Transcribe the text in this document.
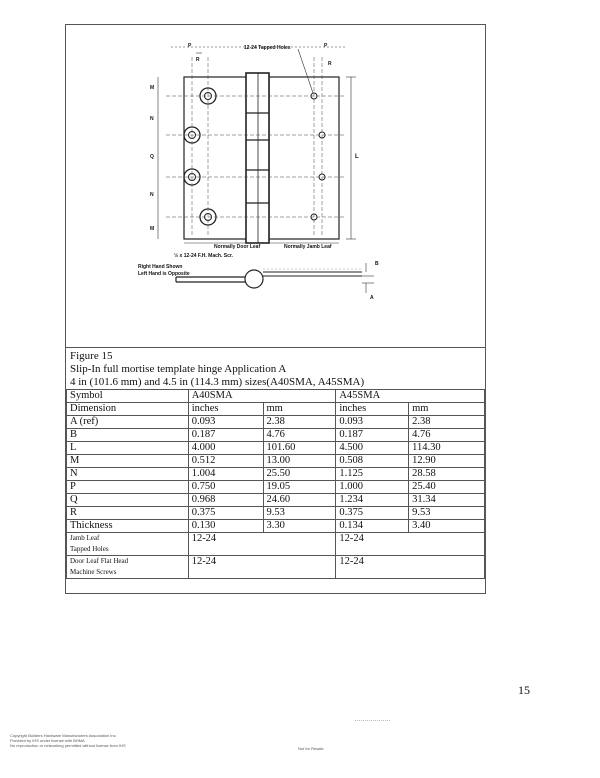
P	12-24 Tapped Holes	P
R
R
M
N
Q
N
M
L
Normally Door Leaf	Normally Jamb Leaf
½ x 12-24 F.H. Mach. Scr.
Right Hand Shown
Left Hand is Opposite
B
A
Figure 15
Slip-In full mortise template hinge Application A
4 in (101.6 mm) and 4.5 in (114.3 mm) sizes(A40SMA, A45SMA)
Symbol	A40SMA		A45SMA	
Dimension	inches	mm	inches	mm
A (ref)	0.093	2.38	0.093	2.38
B	0.187	4.76	0.187	4.76
L	4.000	101.60	4.500	114.30
M	0.512	13.00	0.508	12.90
N	1.004	25.50	1.125	28.58
P	0.750	19.05	1.000	25.40
Q	0.968	24.60	1.234	31.34
R	0.375	9.53	0.375	9.53
Thickness	0.130	3.30	0.134	3.40

Jamb Leaf
Tapped Holes	12-24		12-24	

Door Leaf Flat Head
Machine Screws	12-24		12-24	
15
Copyright Builders Hardware Manufacturers Association Inc.
Provided by IHS under license with BHMA
No reproduction or networking permitted without license from IHS
Not for Resale
